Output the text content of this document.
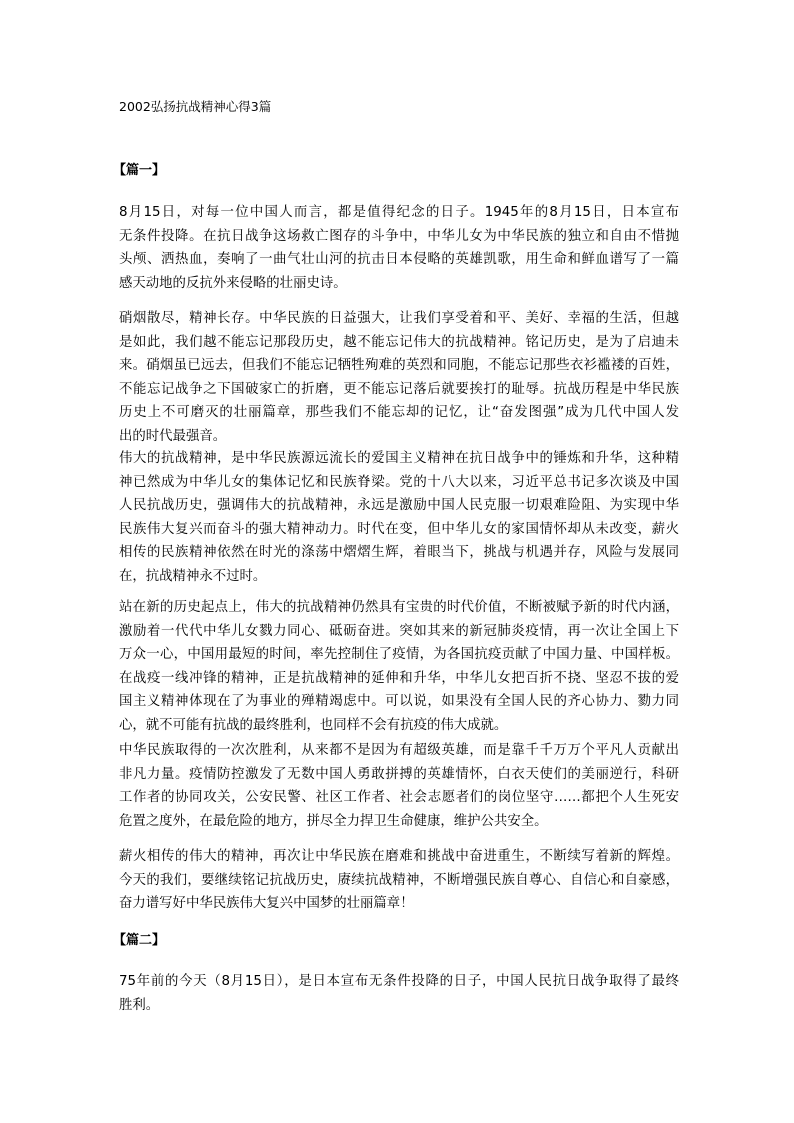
2002弘扬抗战精神心得3篇
【篇一】
8月15日，对每一位中国人而言，都是值得纪念的日子。1945年的8月15日，日本宣布
无条件投降。在抗日战争这场救亡图存的斗争中，中华儿女为中华民族的独立和自由不惜抛
头颅、洒热血，奏响了一曲气壮山河的抗击日本侵略的英雄凯歌，用生命和鲜血谱写了一篇
感天动地的反抗外来侵略的壮丽史诗。
硝烟散尽，精神长存。中华民族的日益强大，让我们享受着和平、美好、幸福的生活，但越
是如此，我们越不能忘记那段历史，越不能忘记伟大的抗战精神。铭记历史，是为了启迪未
来。硝烟虽已远去，但我们不能忘记牺牲殉难的英烈和同胞，不能忘记那些衣衫褴褛的百姓，
不能忘记战争之下国破家亡的折磨，更不能忘记落后就要挨打的耻辱。抗战历程是中华民族
历史上不可磨灭的壮丽篇章，那些我们不能忘却的记忆，让“奋发图强”成为几代中国人发
出的时代最强音。
伟大的抗战精神，是中华民族源远流长的爱国主义精神在抗日战争中的锤炼和升华，这种精
神已然成为中华儿女的集体记忆和民族脊梁。党的十八大以来，习近平总书记多次谈及中国
人民抗战历史，强调伟大的抗战精神，永远是激励中国人民克服一切艰难险阻、为实现中华
民族伟大复兴而奋斗的强大精神动力。时代在变，但中华儿女的家国情怀却从未改变，薪火
相传的民族精神依然在时光的涤荡中熠熠生辉，着眼当下，挑战与机遇并存，风险与发展同
在，抗战精神永不过时。
站在新的历史起点上，伟大的抗战精神仍然具有宝贵的时代价值，不断被赋予新的时代内涵，
激励着一代代中华儿女戮力同心、砥砺奋进。突如其来的新冠肺炎疫情，再一次让全国上下
万众一心，中国用最短的时间，率先控制住了疫情，为各国抗疫贡献了中国力量、中国样板。
在战疫一线冲锋的精神，正是抗战精神的延伸和升华，中华儿女把百折不挠、坚忍不拔的爱
国主义精神体现在了为事业的殚精竭虑中。可以说，如果没有全国人民的齐心协力、勠力同
心，就不可能有抗战的最终胜利，也同样不会有抗疫的伟大成就。
中华民族取得的一次次胜利，从来都不是因为有超级英雄，而是靠千千万万个平凡人贡献出
非凡力量。疫情防控激发了无数中国人勇敢拼搏的英雄情怀，白衣天使们的美丽逆行，科研
工作者的协同攻关，公安民警、社区工作者、社会志愿者们的岗位坚守……都把个人生死安
危置之度外，在最危险的地方，拼尽全力捍卫生命健康，维护公共安全。
薪火相传的伟大的精神，再次让中华民族在磨难和挑战中奋进重生，不断续写着新的辉煌。
今天的我们，要继续铭记抗战历史，赓续抗战精神，不断增强民族自尊心、自信心和自豪感，
奋力谱写好中华民族伟大复兴中国梦的壮丽篇章！
【篇二】
75年前的今天（8月15日），是日本宣布无条件投降的日子，中国人民抗日战争取得了最终
胜利。
